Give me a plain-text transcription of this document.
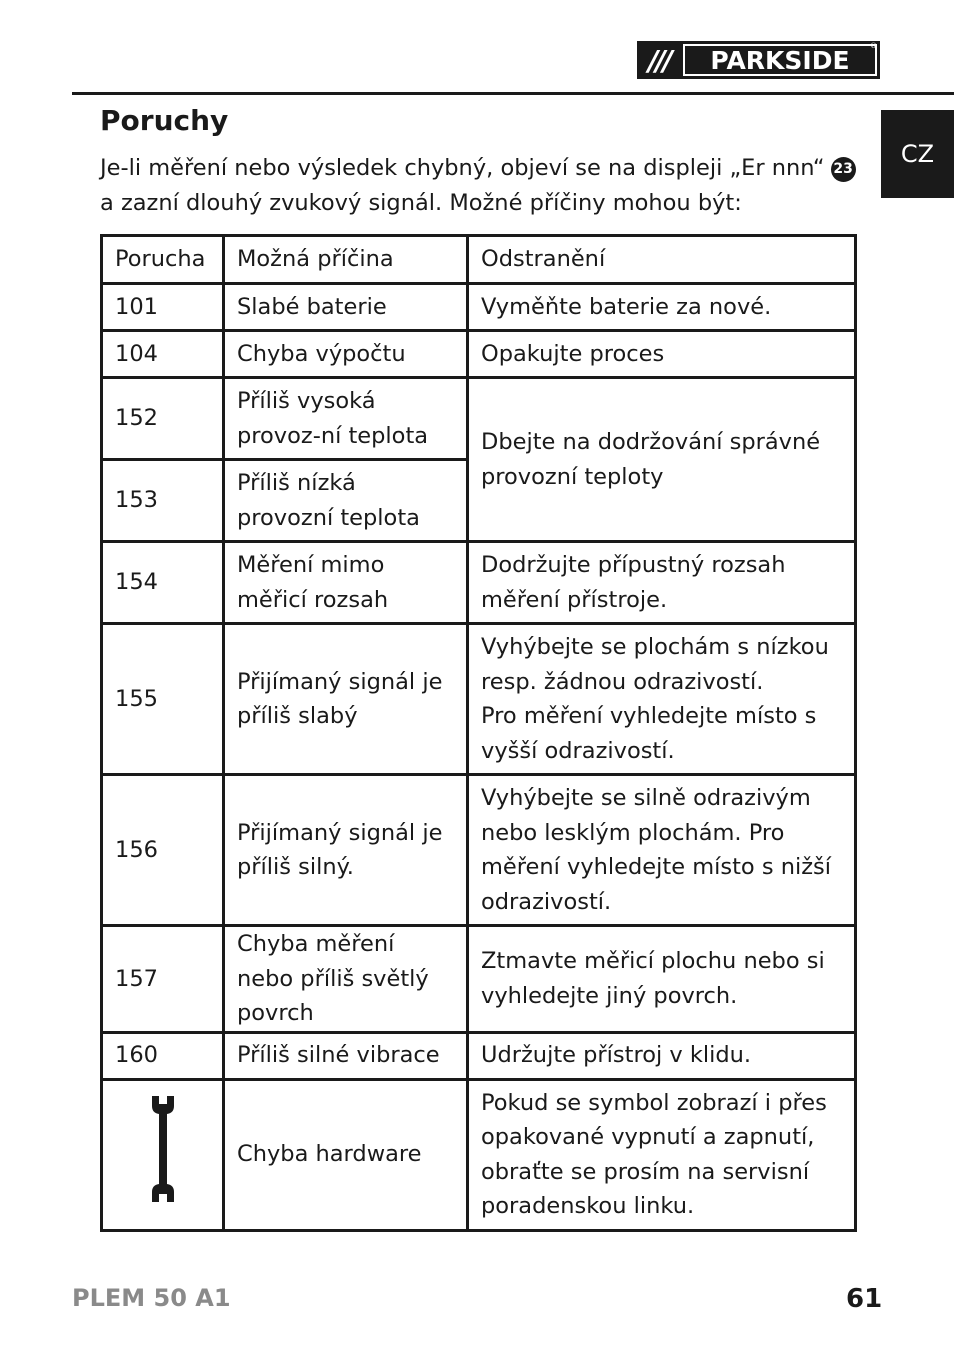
///	PARKSIDE	®
CZ
Poruchy

Je-li měření nebo výsledek chybný, objeví se na displeji „Er nnn“ 23
a zazní dlouhý zvukový signál. Možné příčiny mohou být:

Porucha	Možná příčina	Odstranění
101	Slabé baterie	Vyměňte baterie za nové.
104	Chyba výpočtu	Opakujte proces
152	Příliš vysoká provoz-ní teplota	Dbejte na dodržování správné provozní teploty
153	Příliš nízká provozní teplota	
154	Měření mimo měřicí rozsah	Dodržujte přípustný rozsah měření přístroje.
155	Přijímaný signál je příliš slabý	Vyhýbejte se plochám s nízkou resp. žádnou odrazivostí.
Pro měření vyhledejte místo s vyšší odrazivostí.
156	Přijímaný signál je příliš silný.	Vyhýbejte se silně odrazivým nebo lesklým plochám. Pro měření vyhledejte místo s nižší odrazivostí.
157	Chyba měření nebo příliš světlý povrch	Ztmavte měřicí plochu nebo si vyhledejte jiný povrch.
160	Příliš silné vibrace	Udržujte přístroj v klidu.
	Chyba hardware	Pokud se symbol zobrazí i přes opakované vypnutí a zapnutí, obraťte se prosím na servisní poradenskou linku.
PLEM 50 A1	61
